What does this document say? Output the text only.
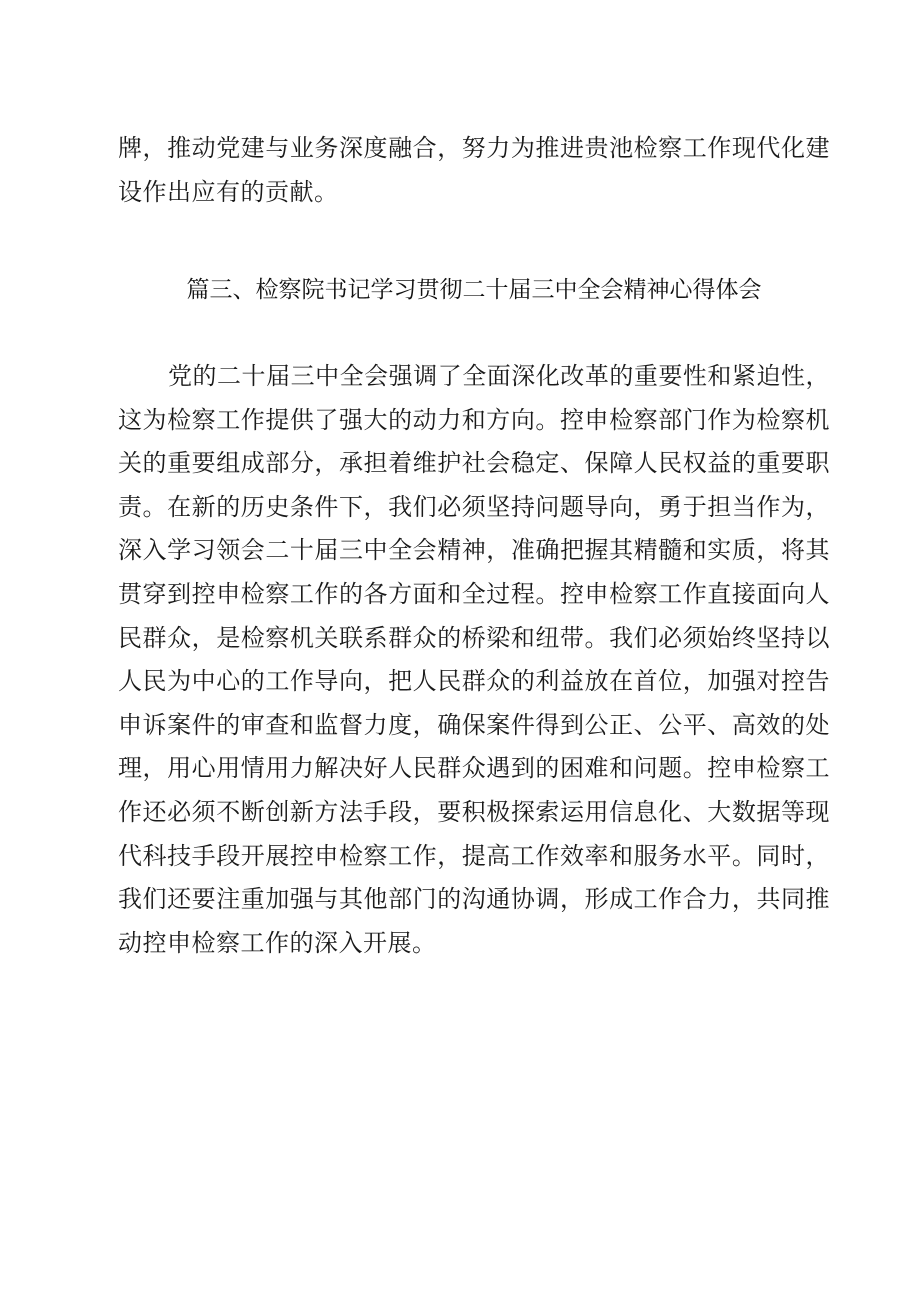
牌，推动党建与业务深度融合，努力为推进贵池检察工作现代化建设作出应有的贡献。

篇三、检察院书记学习贯彻二十届三中全会精神心得体会

党的二十届三中全会强调了全面深化改革的重要性和紧迫性，这为检察工作提供了强大的动力和方向。控申检察部门作为检察机关的重要组成部分，承担着维护社会稳定、保障人民权益的重要职责。在新的历史条件下，我们必须坚持问题导向，勇于担当作为，深入学习领会二十届三中全会精神，准确把握其精髓和实质，将其贯穿到控申检察工作的各方面和全过程。控申检察工作直接面向人民群众，是检察机关联系群众的桥梁和纽带。我们必须始终坚持以人民为中心的工作导向，把人民群众的利益放在首位，加强对控告申诉案件的审查和监督力度，确保案件得到公正、公平、高效的处理，用心用情用力解决好人民群众遇到的困难和问题。控申检察工作还必须不断创新方法手段，要积极探索运用信息化、大数据等现代科技手段开展控申检察工作，提高工作效率和服务水平。同时，我们还要注重加强与其他部门的沟通协调，形成工作合力，共同推动控申检察工作的深入开展。
